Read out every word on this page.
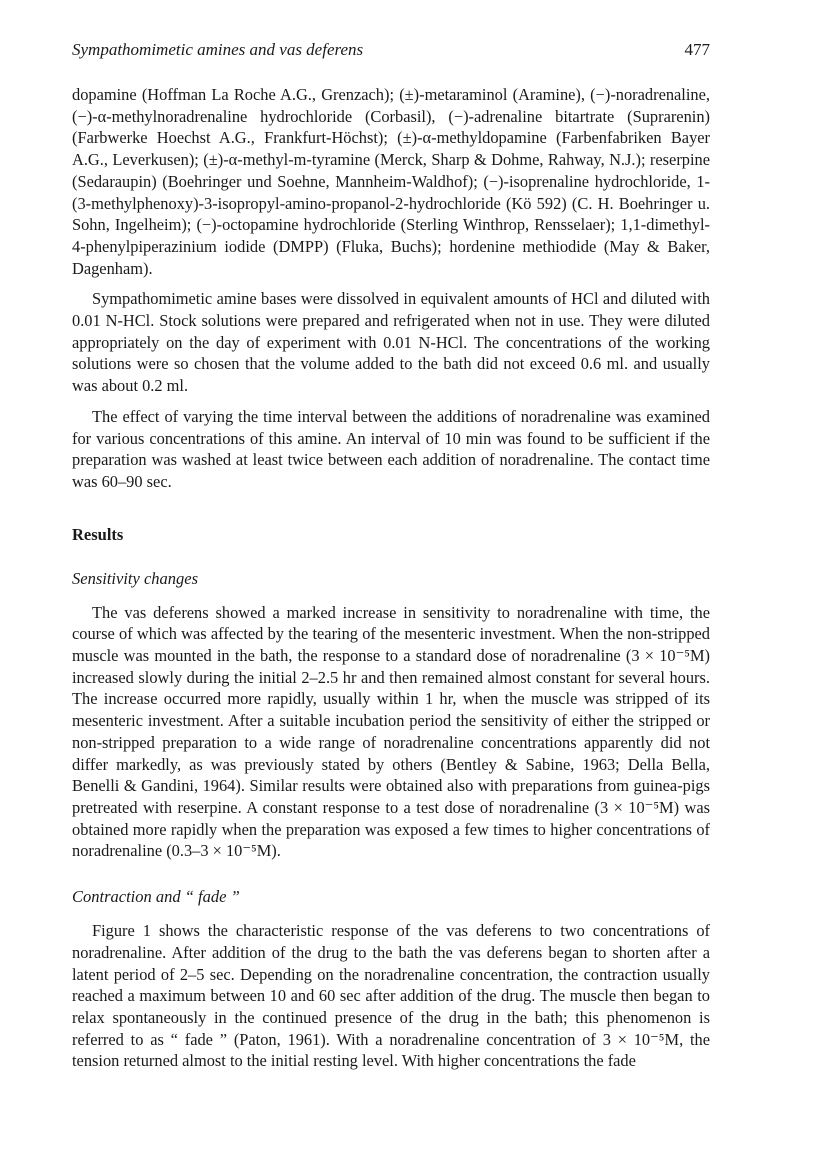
Sympathomimetic amines and vas deferens	477

dopamine (Hoffman La Roche A.G., Grenzach); (±)-metaraminol (Aramine), (−)-noradrenaline, (−)-α-methylnoradrenaline hydrochloride (Corbasil), (−)-adrenaline bitartrate (Suprarenin) (Farbwerke Hoechst A.G., Frankfurt-Höchst); (±)-α-methyldopamine (Farbenfabriken Bayer A.G., Leverkusen); (±)-α-methyl-m-tyramine (Merck, Sharp & Dohme, Rahway, N.J.); reserpine (Sedaraupin) (Boehringer und Soehne, Mannheim-Waldhof); (−)-isoprenaline hydrochloride, 1-(3-methylphenoxy)-3-isopropyl-amino-propanol-2-hydrochloride (Kö 592) (C. H. Boehringer u. Sohn, Ingelheim); (−)-octopamine hydrochloride (Sterling Winthrop, Rensselaer); 1,1-dimethyl-4-phenylpiperazinium iodide (DMPP) (Fluka, Buchs); hordenine methiodide (May & Baker, Dagenham).

Sympathomimetic amine bases were dissolved in equivalent amounts of HCl and diluted with 0.01 N-HCl. Stock solutions were prepared and refrigerated when not in use. They were diluted appropriately on the day of experiment with 0.01 N-HCl. The concentrations of the working solutions were so chosen that the volume added to the bath did not exceed 0.6 ml. and usually was about 0.2 ml.

The effect of varying the time interval between the additions of noradrenaline was examined for various concentrations of this amine. An interval of 10 min was found to be sufficient if the preparation was washed at least twice between each addition of noradrenaline. The contact time was 60–90 sec.

Results
Sensitivity changes

The vas deferens showed a marked increase in sensitivity to noradrenaline with time, the course of which was affected by the tearing of the mesenteric investment. When the non-stripped muscle was mounted in the bath, the response to a standard dose of noradrenaline (3 × 10⁻⁵M) increased slowly during the initial 2–2.5 hr and then remained almost constant for several hours. The increase occurred more rapidly, usually within 1 hr, when the muscle was stripped of its mesenteric investment. After a suitable incubation period the sensitivity of either the stripped or non-stripped preparation to a wide range of noradrenaline concentrations apparently did not differ markedly, as was previously stated by others (Bentley & Sabine, 1963; Della Bella, Benelli & Gandini, 1964). Similar results were obtained also with preparations from guinea-pigs pretreated with reserpine. A constant response to a test dose of noradrenaline (3 × 10⁻⁵M) was obtained more rapidly when the preparation was exposed a few times to higher concentrations of noradrenaline (0.3–3 × 10⁻⁵M).

Contraction and “ fade ”

Figure 1 shows the characteristic response of the vas deferens to two concentrations of noradrenaline. After addition of the drug to the bath the vas deferens began to shorten after a latent period of 2–5 sec. Depending on the noradrenaline concentration, the contraction usually reached a maximum between 10 and 60 sec after addition of the drug. The muscle then began to relax spontaneously in the continued presence of the drug in the bath; this phenomenon is referred to as “ fade ” (Paton, 1961). With a noradrenaline concentration of 3 × 10⁻⁵M, the tension returned almost to the initial resting level. With higher concentrations the fade
